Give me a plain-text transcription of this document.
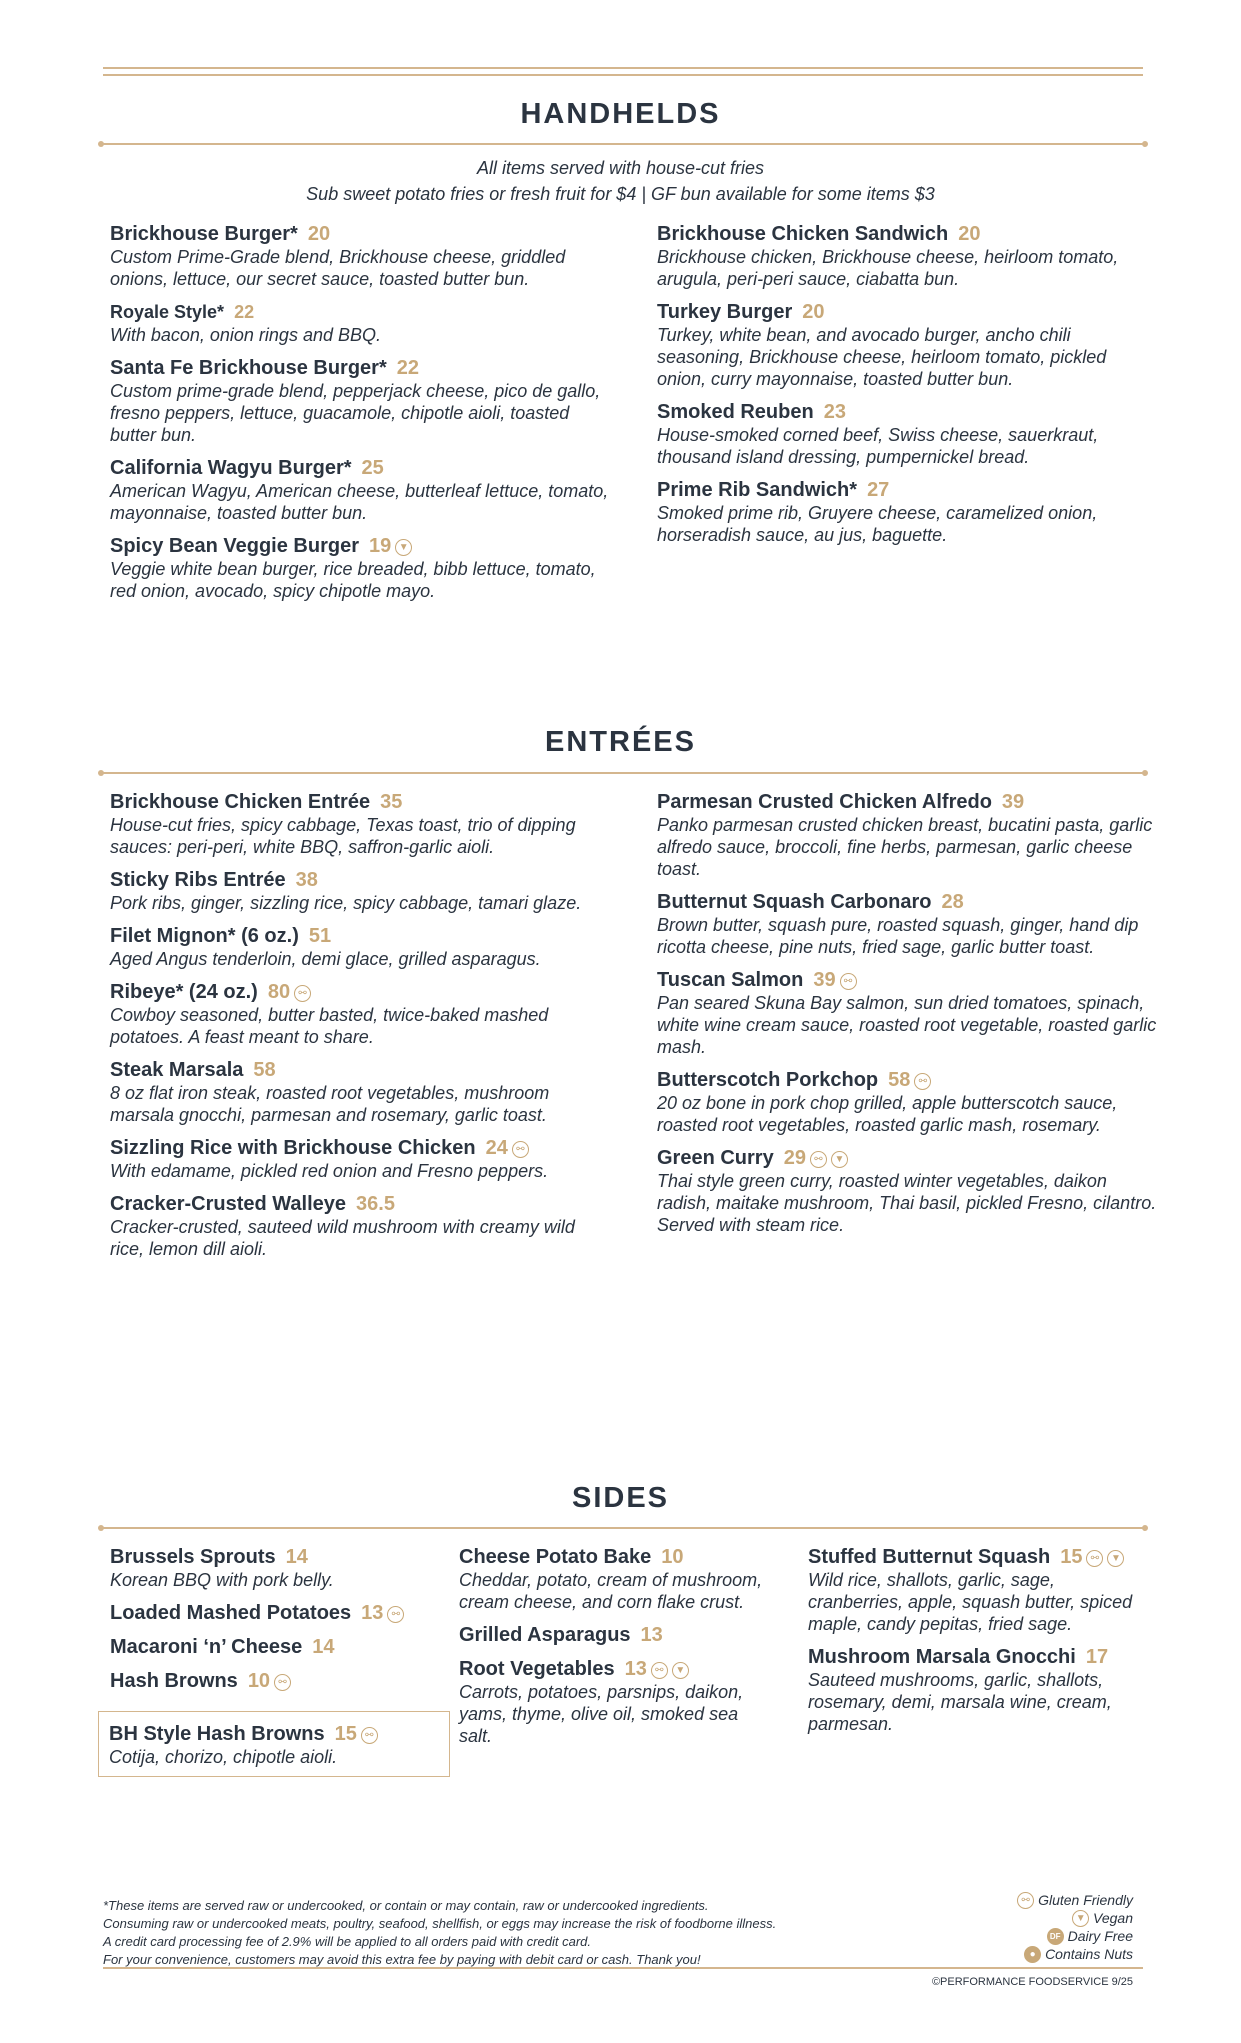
HANDHELDS
All items served with house-cut fries
Sub sweet potato fries or fresh fruit for $4 | GF bun available for some items $3
Brickhouse Burger* 20
Custom Prime-Grade blend, Brickhouse cheese, griddled onions, lettuce, our secret sauce, toasted butter bun.
Royale Style* 22
With bacon, onion rings and BBQ.
Santa Fe Brickhouse Burger* 22
Custom prime-grade blend, pepperjack cheese, pico de gallo, fresno peppers, lettuce, guacamole, chipotle aioli, toasted butter bun.
California Wagyu Burger* 25
American Wagyu, American cheese, butterleaf lettuce, tomato, mayonnaise, toasted butter bun.
Spicy Bean Veggie Burger 19 ▼
Veggie white bean burger, rice breaded, bibb lettuce, tomato, red onion, avocado, spicy chipotle mayo.
Brickhouse Chicken Sandwich 20
Brickhouse chicken, Brickhouse cheese, heirloom tomato, arugula, peri-peri sauce, ciabatta bun.
Turkey Burger 20
Turkey, white bean, and avocado burger, ancho chili seasoning, Brickhouse cheese, heirloom tomato, pickled onion, curry mayonnaise, toasted butter bun.
Smoked Reuben 23
House-smoked corned beef, Swiss cheese, sauerkraut, thousand island dressing, pumpernickel bread.
Prime Rib Sandwich* 27
Smoked prime rib, Gruyere cheese, caramelized onion, horseradish sauce, au jus, baguette.
ENTRÉES
Brickhouse Chicken Entrée 35
House-cut fries, spicy cabbage, Texas toast, trio of dipping sauces: peri-peri, white BBQ, saffron-garlic aioli.
Sticky Ribs Entrée 38
Pork ribs, ginger, sizzling rice, spicy cabbage, tamari glaze.
Filet Mignon* (6 oz.) 51
Aged Angus tenderloin, demi glace, grilled asparagus.
Ribeye* (24 oz.) 80 ⚯
Cowboy seasoned, butter basted, twice-baked mashed potatoes. A feast meant to share.
Steak Marsala 58
8 oz flat iron steak, roasted root vegetables, mushroom marsala gnocchi, parmesan and rosemary, garlic toast.
Sizzling Rice with Brickhouse Chicken 24 ⚯
With edamame, pickled red onion and Fresno peppers.
Cracker-Crusted Walleye 36.5
Cracker-crusted, sauteed wild mushroom with creamy wild rice, lemon dill aioli.
Parmesan Crusted Chicken Alfredo 39
Panko parmesan crusted chicken breast, bucatini pasta, garlic alfredo sauce, broccoli, fine herbs, parmesan, garlic cheese toast.
Butternut Squash Carbonaro 28
Brown butter, squash pure, roasted squash, ginger, hand dip ricotta cheese, pine nuts, fried sage, garlic butter toast.
Tuscan Salmon 39 ⚯
Pan seared Skuna Bay salmon, sun dried tomatoes, spinach, white wine cream sauce, roasted root vegetable, roasted garlic mash.
Butterscotch Porkchop 58 ⚯
20 oz bone in pork chop grilled, apple butterscotch sauce, roasted root vegetables, roasted garlic mash, rosemary.
Green Curry 29 ⚯ ▼
Thai style green curry, roasted winter vegetables, daikon radish, maitake mushroom, Thai basil, pickled Fresno, cilantro. Served with steam rice.
SIDES
Brussels Sprouts 14
Korean BBQ with pork belly.
Loaded Mashed Potatoes 13 ⚯
Macaroni ‘n’ Cheese 14
Hash Browns 10 ⚯
BH Style Hash Browns 15 ⚯
Cotija, chorizo, chipotle aioli.
Cheese Potato Bake 10
Cheddar, potato, cream of mushroom, cream cheese, and corn flake crust.
Grilled Asparagus 13
Root Vegetables 13 ⚯ ▼
Carrots, potatoes, parsnips, daikon, yams, thyme, olive oil, smoked sea salt.
Stuffed Butternut Squash 15 ⚯ ▼
Wild rice, shallots, garlic, sage, cranberries, apple, squash butter, spiced maple, candy pepitas, fried sage.
Mushroom Marsala Gnocchi 17
Sauteed mushrooms, garlic, shallots, rosemary, demi, marsala wine, cream, parmesan.
*These items are served raw or undercooked, or contain or may contain, raw or undercooked ingredients.
Consuming raw or undercooked meats, poultry, seafood, shellfish, or eggs may increase the risk of foodborne illness.
A credit card processing fee of 2.9% will be applied to all orders paid with credit card.
For your convenience, customers may avoid this extra fee by paying with debit card or cash. Thank you!
⚯ Gluten Friendly
▼ Vegan
DF Dairy Free
● Contains Nuts
©PERFORMANCE FOODSERVICE 9/25
